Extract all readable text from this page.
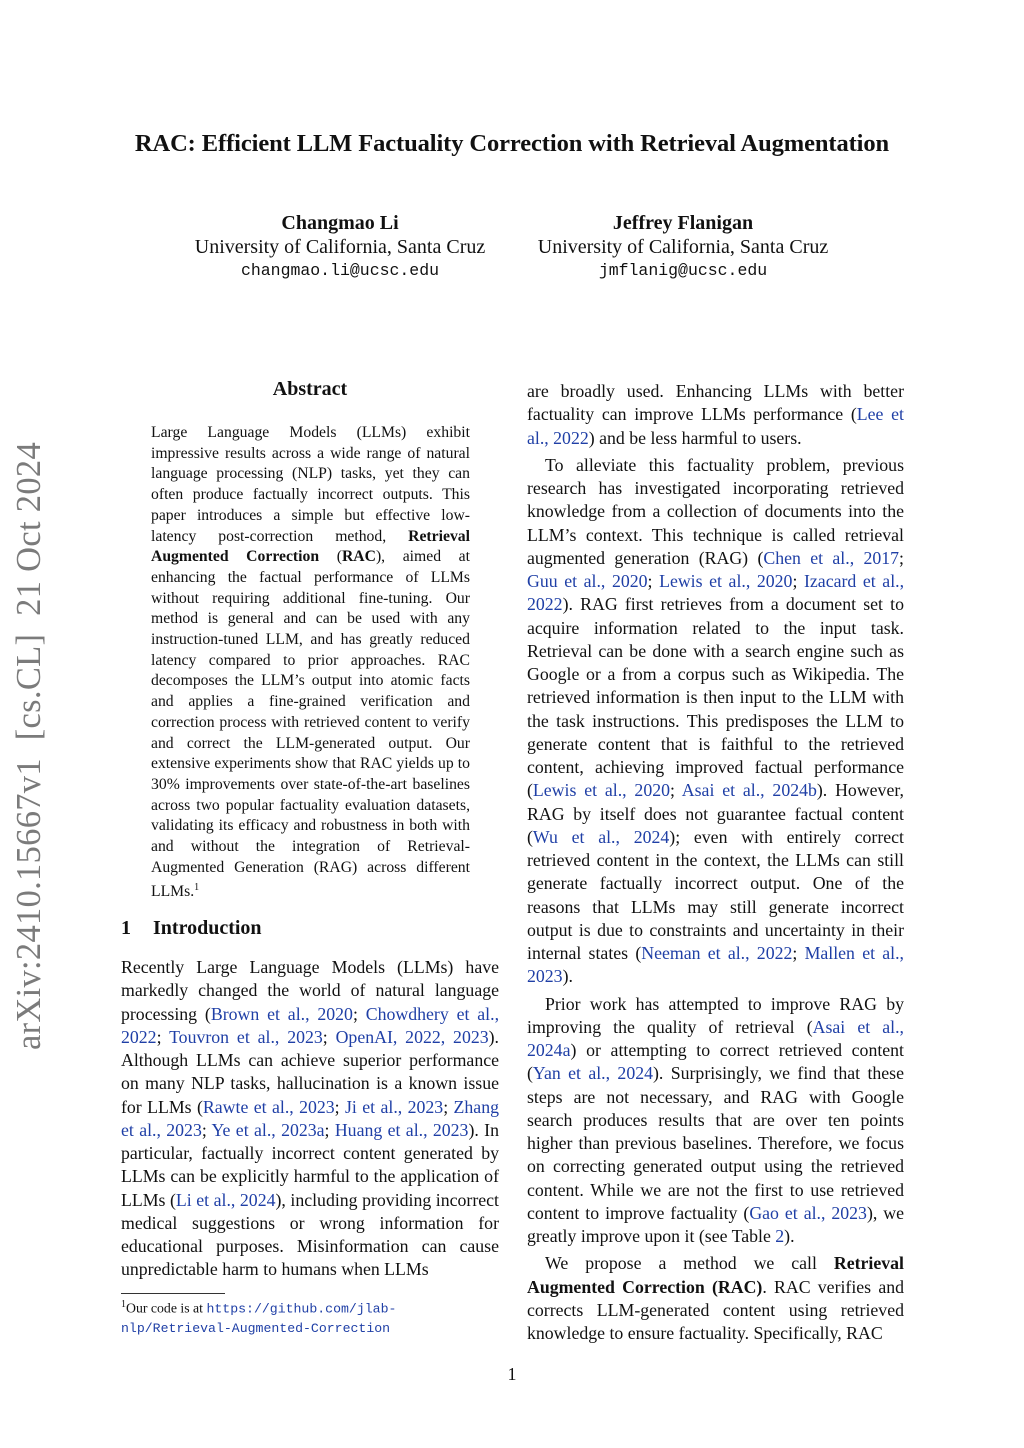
RAC: Efficient LLM Factuality Correction with Retrieval Augmentation
Changmao Li
University of California, Santa Cruz
changmao.li@ucsc.edu
Jeffrey Flanigan
University of California, Santa Cruz
jmflanig@ucsc.edu
arXiv:2410.15667v1  [cs.CL]  21 Oct 2024
Abstract

Large Language Models (LLMs) exhibit impressive results across a wide range of natural language processing (NLP) tasks, yet they can often produce factually incorrect outputs. This paper introduces a simple but effective low-latency post-correction method, Retrieval Augmented Correction (RAC), aimed at enhancing the factual performance of LLMs without requiring additional fine-tuning. Our method is general and can be used with any instruction-tuned LLM, and has greatly reduced latency compared to prior approaches. RAC decomposes the LLM’s output into atomic facts and applies a fine-grained verification and correction process with retrieved content to verify and correct the LLM-generated output. Our extensive experiments show that RAC yields up to 30% improvements over state-of-the-art baselines across two popular factuality evaluation datasets, validating its efficacy and robustness in both with and without the integration of Retrieval-Augmented Generation (RAG) across different LLMs.$^1$

1 Introduction

Recently Large Language Models (LLMs) have markedly changed the world of natural language processing (Brown et al., 2020; Chowdhery et al., 2022; Touvron et al., 2023; OpenAI, 2022, 2023). Although LLMs can achieve superior performance on many NLP tasks, hallucination is a known issue for LLMs (Rawte et al., 2023; Ji et al., 2023; Zhang et al., 2023; Ye et al., 2023a; Huang et al., 2023). In particular, factually incorrect content generated by LLMs can be explicitly harmful to the application of LLMs (Li et al., 2024), including providing incorrect medical suggestions or wrong information for educational purposes. Misinformation can cause unpredictable harm to humans when LLMs

are broadly used. Enhancing LLMs with better factuality can improve LLMs performance (Lee et al., 2022) and be less harmful to users.

To alleviate this factuality problem, previous research has investigated incorporating retrieved knowledge from a collection of documents into the LLM’s context. This technique is called retrieval augmented generation (RAG) (Chen et al., 2017; Guu et al., 2020; Lewis et al., 2020; Izacard et al., 2022). RAG first retrieves from a document set to acquire information related to the input task. Retrieval can be done with a search engine such as Google or a from a corpus such as Wikipedia. The retrieved information is then input to the LLM with the task instructions. This predisposes the LLM to generate content that is faithful to the retrieved content, achieving improved factual performance (Lewis et al., 2020; Asai et al., 2024b). However, RAG by itself does not guarantee factual content (Wu et al., 2024); even with entirely correct retrieved content in the context, the LLMs can still generate factually incorrect output. One of the reasons that LLMs may still generate incorrect output is due to constraints and uncertainty in their internal states (Neeman et al., 2022; Mallen et al., 2023).

Prior work has attempted to improve RAG by improving the quality of retrieval (Asai et al., 2024a) or attempting to correct retrieved content (Yan et al., 2024). Surprisingly, we find that these steps are not necessary, and RAG with Google search produces results that are over ten points higher than previous baselines. Therefore, we focus on correcting generated output using the retrieved content. While we are not the first to use retrieved content to improve factuality (Gao et al., 2023), we greatly improve upon it (see Table 2).

We propose a method we call Retrieval Augmented Correction (RAC). RAC verifies and corrects LLM-generated content using retrieved knowledge to ensure factuality. Specifically, RAC

$^1$Our code is at https://github.com/jlab-nlp/Retrieval-Augmented-Correction
1
